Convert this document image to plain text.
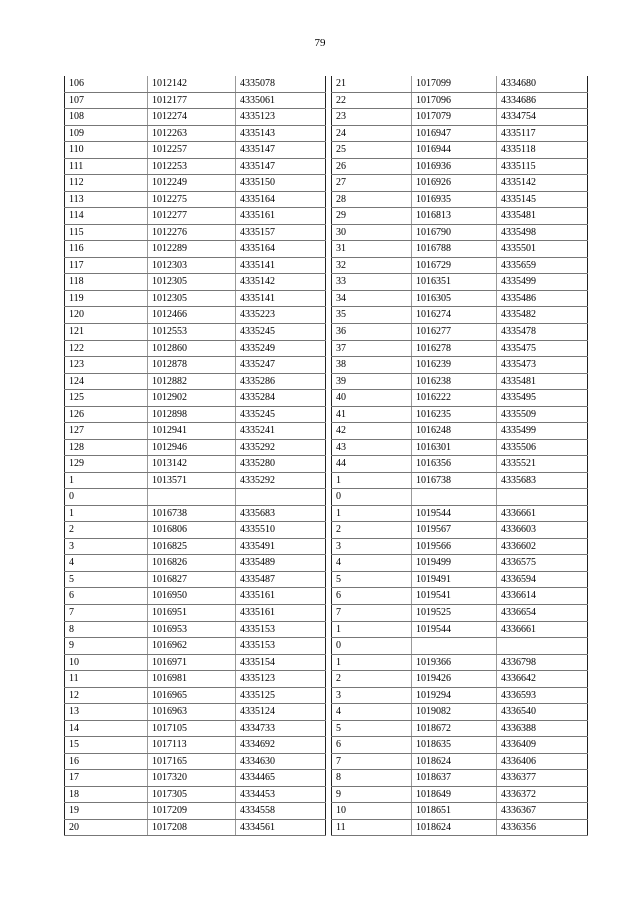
79
106	1012142	4335078
107	1012177	4335061
108	1012274	4335123
109	1012263	4335143
110	1012257	4335147
111	1012253	4335147
112	1012249	4335150
113	1012275	4335164
114	1012277	4335161
115	1012276	4335157
116	1012289	4335164
117	1012303	4335141
118	1012305	4335142
119	1012305	4335141
120	1012466	4335223
121	1012553	4335245
122	1012860	4335249
123	1012878	4335247
124	1012882	4335286
125	1012902	4335284
126	1012898	4335245
127	1012941	4335241
128	1012946	4335292
129	1013142	4335280
1	1013571	4335292
0		
1	1016738	4335683
2	1016806	4335510
3	1016825	4335491
4	1016826	4335489
5	1016827	4335487
6	1016950	4335161
7	1016951	4335161
8	1016953	4335153
9	1016962	4335153
10	1016971	4335154
11	1016981	4335123
12	1016965	4335125
13	1016963	4335124
14	1017105	4334733
15	1017113	4334692
16	1017165	4334630
17	1017320	4334465
18	1017305	4334453
19	1017209	4334558
20	1017208	4334561
21	1017099	4334680
22	1017096	4334686
23	1017079	4334754
24	1016947	4335117
25	1016944	4335118
26	1016936	4335115
27	1016926	4335142
28	1016935	4335145
29	1016813	4335481
30	1016790	4335498
31	1016788	4335501
32	1016729	4335659
33	1016351	4335499
34	1016305	4335486
35	1016274	4335482
36	1016277	4335478
37	1016278	4335475
38	1016239	4335473
39	1016238	4335481
40	1016222	4335495
41	1016235	4335509
42	1016248	4335499
43	1016301	4335506
44	1016356	4335521
1	1016738	4335683
0		
1	1019544	4336661
2	1019567	4336603
3	1019566	4336602
4	1019499	4336575
5	1019491	4336594
6	1019541	4336614
7	1019525	4336654
1	1019544	4336661
0		
1	1019366	4336798
2	1019426	4336642
3	1019294	4336593
4	1019082	4336540
5	1018672	4336388
6	1018635	4336409
7	1018624	4336406
8	1018637	4336377
9	1018649	4336372
10	1018651	4336367
11	1018624	4336356
